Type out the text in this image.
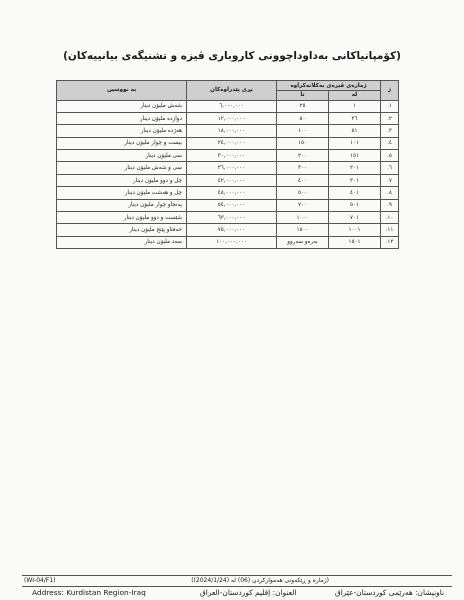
(کۆمپانیاکانی بەداوداچوونی کاروباری ڤیزە و تشنیگەی بیانییەکان)
ژ	ژمارەی ڤیزەی بەکلانەکراوە		بڕی پێدراوەکان	بە نووسین
	لە	تا		
١.	١	٢٥	٦,٠٠٠,٠٠٠	شەش ملیۆن دینار
٢.	٢٦	٥٠	١٢,٠٠٠,٠٠٠	دوازدە ملیۆن دینار
٣.	٥١	١٠٠	١٨,٠٠٠,٠٠٠	هەژدە ملیۆن دینار
٤.	١٠١	١٥٠	٢٤,٠٠٠,٠٠٠	بیست و چوار ملیۆن دینار
٥.	١٥١	٢٠٠	٣٠,٠٠٠,٠٠٠	سی ملیۆن دینار
٦.	٢٠١	٣٠٠	٣٦,٠٠٠,٠٠٠	سی و شەش ملیۆن دینار
٧.	٣٠١	٤٠٠	٤٢,٠٠٠,٠٠٠	چل و دوو ملیۆن دینار
٨.	٤٠١	٥٠٠	٤٨,٠٠٠,٠٠٠	چل و هەشت ملیۆن دینار
٩.	٥٠١	٧٠٠	٥٤,٠٠٠,٠٠٠	پەنجاو چوار ملیۆن دینار
١٠.	٧٠١	١٠٠٠	٦٣,٠٠٠,٠٠٠	شێست و دوو ملیۆن دینار
١١.	١٠٠١	١٥٠٠	٧٥,٠٠٠,٠٠٠	حەفتاو پێنج ملیۆن دینار
١٢.	١٥٠١	بەرەو سەروو	١٠٠,٠٠٠,٠٠٠	سەد ملیۆن دینار
(WI-04/F1)	(ژمارە و ڕێکەوتی هەموارکردن (06) لە (2024/1/24))
Address: Kurdistan Region-Iraq	العنوان: إقليم كوردستان-العراق	ناونیشان: هەرێمی کوردستان-عێراق
